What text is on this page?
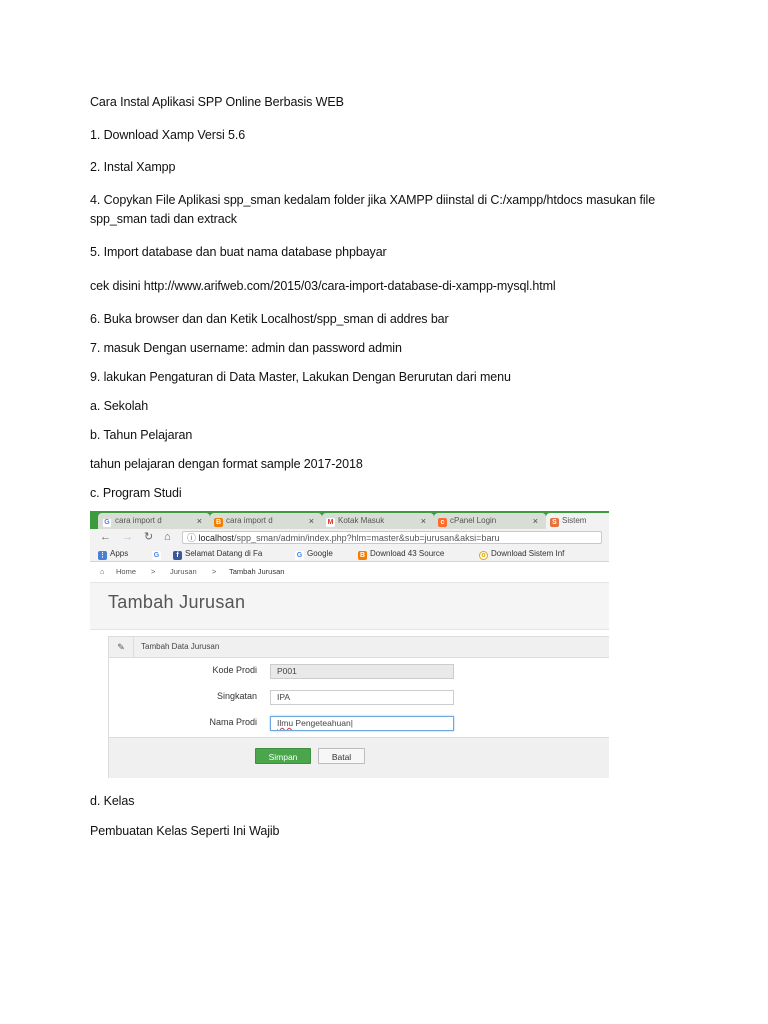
Cara Instal Aplikasi SPP Online Berbasis WEB

1. Download Xamp Versi 5.6

2. Instal Xampp

4. Copykan File Aplikasi spp_sman kedalam folder jika XAMPP diinstal di C:/xampp/htdocs masukan file spp_sman tadi dan extrack

5. Import database dan buat nama database phpbayar

cek disini http://www.arifweb.com/2015/03/cara-import-database-di-xampp-mysql.html

6. Buka browser dan dan Ketik Localhost/spp_sman di addres bar

7. masuk Dengan username: admin dan password admin

9. lakukan Pengaturan di Data Master, Lakukan Dengan Berurutan dari menu

a. Sekolah

b. Tahun Pelajaran

tahun pelajaran dengan format sample 2017-2018

c. Program Studi

G cara import d	×	B cara import d	×	M Kotak Masuk	×	c cPanel Login	×	S Sistem
← → ↻ ⌂	ⓘ localhost/spp_sman/admin/index.php?hlm=master&sub=jurusan&aksi=baru
⋮ Apps	G	f Selamat Datang di Fa	G Google	B Download 43 Source	o Download Sistem Inf
⌂ Home > Jurusan > Tambah Jurusan
Tambah Jurusan
✎	Tambah Data Jurusan
Kode Prodi	P001
Singkatan	IPA
Nama Prodi	Ilmu Pengeteahuan|
Simpan	Batal

d. Kelas

Pembuatan Kelas Seperti Ini Wajib
